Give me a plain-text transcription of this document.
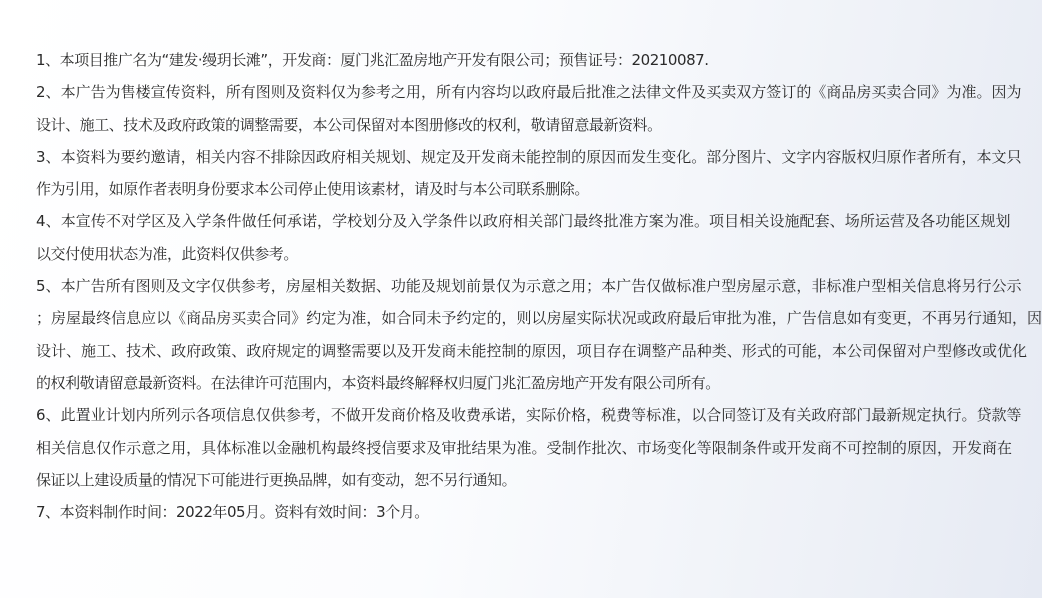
1、本项目推广名为“建发·缦玥长滩”，开发商：厦门兆汇盈房地产开发有限公司；预售证号：20210087.
2 、 本 广 告 为 售 楼 宣 传 资 料 ， 所 有 图 则 及 资 料 仅 为 参 考 之 用 ， 所 有 内 容 均 以 政 府 最 后 批 准 之 法 律 文 件 及 买 卖 双 方 签 订 的 《 商 品 房 买 卖 合 同 》 为 准 。 因 为
设计、施工、技术及政府政策的调整需要，本公司保留对本图册修改的权利，敬请留意最新资料。
3 、 本 资 料 为 要 约 邀 请 ， 相 关 内 容 不 排 除 因 政 府 相 关 规 划 、 规 定 及 开 发 商 未 能 控 制 的 原 因 而 发 生 变 化 。 部 分 图 片 、 文 字 内 容 版 权 归 原 作 者 所 有 ， 本 文 只
作为引用，如原作者表明身份要求本公司停止使用该素材，请及时与本公司联系删除。
4 、 本 宣 传 不 对 学 区 及 入 学 条 件 做 任 何 承 诺 ， 学 校 划 分 及 入 学 条 件 以 政 府 相 关 部 门 最 终 批 准 方 案 为 准 。 项 目 相 关 设 施 配 套 、 场 所 运 营 及 各 功 能 区 规 划
以交付使用状态为准，此资料仅供参考。
5 、 本 广 告 所 有 图 则 及 文 字 仅 供 参 考 ， 房 屋 相 关 数 据 、 功 能 及 规 划 前 景 仅 为 示 意 之 用 ； 本 广 告 仅 做 标 准 户 型 房 屋 示 意 ， 非 标 准 户 型 相 关 信 息 将 另 行 公 示
； 房 屋 最 终 信 息 应 以 《 商 品 房 买 卖 合 同 》 约 定 为 准 ， 如 合 同 未 予 约 定 的 ， 则 以 房 屋 实 际 状 况 或 政 府 最 后 审 批 为 准 ， 广 告 信 息 如 有 变 更 ， 不 再 另 行 通 知 ， 因
设 计 、 施 工 、 技 术 、 政 府 政 策 、 政 府 规 定 的 调 整 需 要 以 及 开 发 商 未 能 控 制 的 原 因 ， 项 目 存 在 调 整 产 品 种 类 、 形 式 的 可 能 ， 本 公 司 保 留 对 户 型 修 改 或 优 化
的权利敬请留意最新资料。在法律许可范围内，本资料最终解释权归厦门兆汇盈房地产开发有限公司所有。
6 、 此 置 业 计 划 内 所 列 示 各 项 信 息 仅 供 参 考 ， 不 做 开 发 商 价 格 及 收 费 承 诺 ， 实 际 价 格 ， 税 费 等 标 准 ， 以 合 同 签 订 及 有 关 政 府 部 门 最 新 规 定 执 行 。 贷 款 等
相 关 信 息 仅 作 示 意 之 用 ， 具 体 标 准 以 金 融 机 构 最 终 授 信 要 求 及 审 批 结 果 为 准 。 受 制 作 批 次 、 市 场 变 化 等 限 制 条 件 或 开 发 商 不 可 控 制 的 原 因 ， 开 发 商 在
保证以上建设质量的情况下可能进行更换品牌，如有变动，恕不另行通知。
7、本资料制作时间：2022年05月。资料有效时间：3个月。
